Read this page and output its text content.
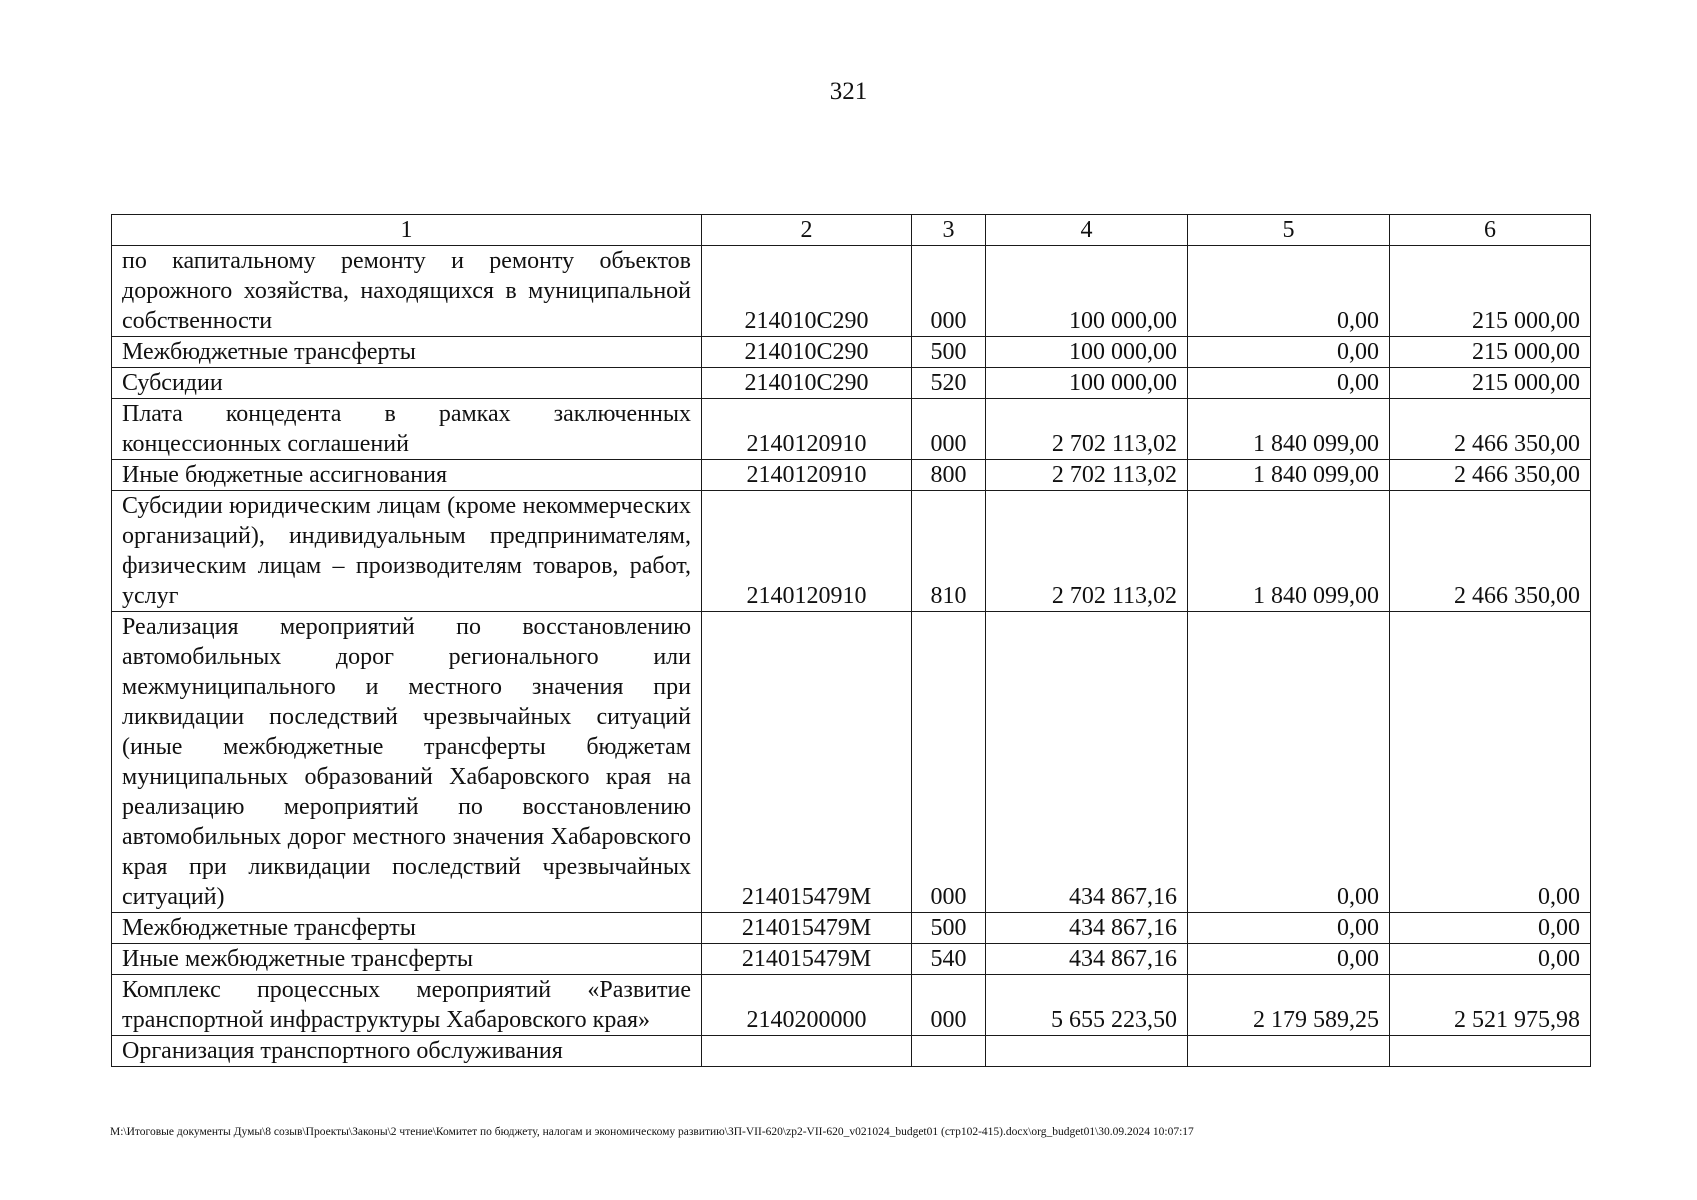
321
1	2	3	4	5	6
по капитальному ремонту и ремонту объектов дорожного хозяйства, находящихся в муниципальной собственности	214010C290	000	100 000,00	0,00	215 000,00
Межбюджетные трансферты	214010C290	500	100 000,00	0,00	215 000,00
Субсидии	214010C290	520	100 000,00	0,00	215 000,00
Плата концедента в рамках заключенных концессионных соглашений	2140120910	000	2 702 113,02	1 840 099,00	2 466 350,00
Иные бюджетные ассигнования	2140120910	800	2 702 113,02	1 840 099,00	2 466 350,00
Субсидии юридическим лицам (кроме некоммерческих организаций), индивидуальным предпринимателям, физическим лицам – производителям товаров, работ, услуг	2140120910	810	2 702 113,02	1 840 099,00	2 466 350,00
Реализация мероприятий по восстановлению автомобильных дорог регионального или межмуниципального и местного значения при ликвидации последствий чрезвычайных ситуаций (иные межбюджетные трансферты бюджетам муниципальных образований Хабаровского края на реализацию мероприятий по восстановлению автомобильных дорог местного значения Хабаровского края при ликвидации последствий чрезвычайных ситуаций)	214015479M	000	434 867,16	0,00	0,00
Межбюджетные трансферты	214015479M	500	434 867,16	0,00	0,00
Иные межбюджетные трансферты	214015479M	540	434 867,16	0,00	0,00
Комплекс процессных мероприятий «Развитие транспортной инфраструктуры Хабаровского края»	2140200000	000	5 655 223,50	2 179 589,25	2 521 975,98
Организация транспортного обслуживания					
M:\Итоговые документы Думы\8 созыв\Проекты\Законы\2 чтение\Комитет по бюджету, налогам и экономическому развитию\ЗП-VII-620\zp2-VII-620_v021024_budget01 (стр102-415).docx\org_budget01\30.09.2024 10:07:17
